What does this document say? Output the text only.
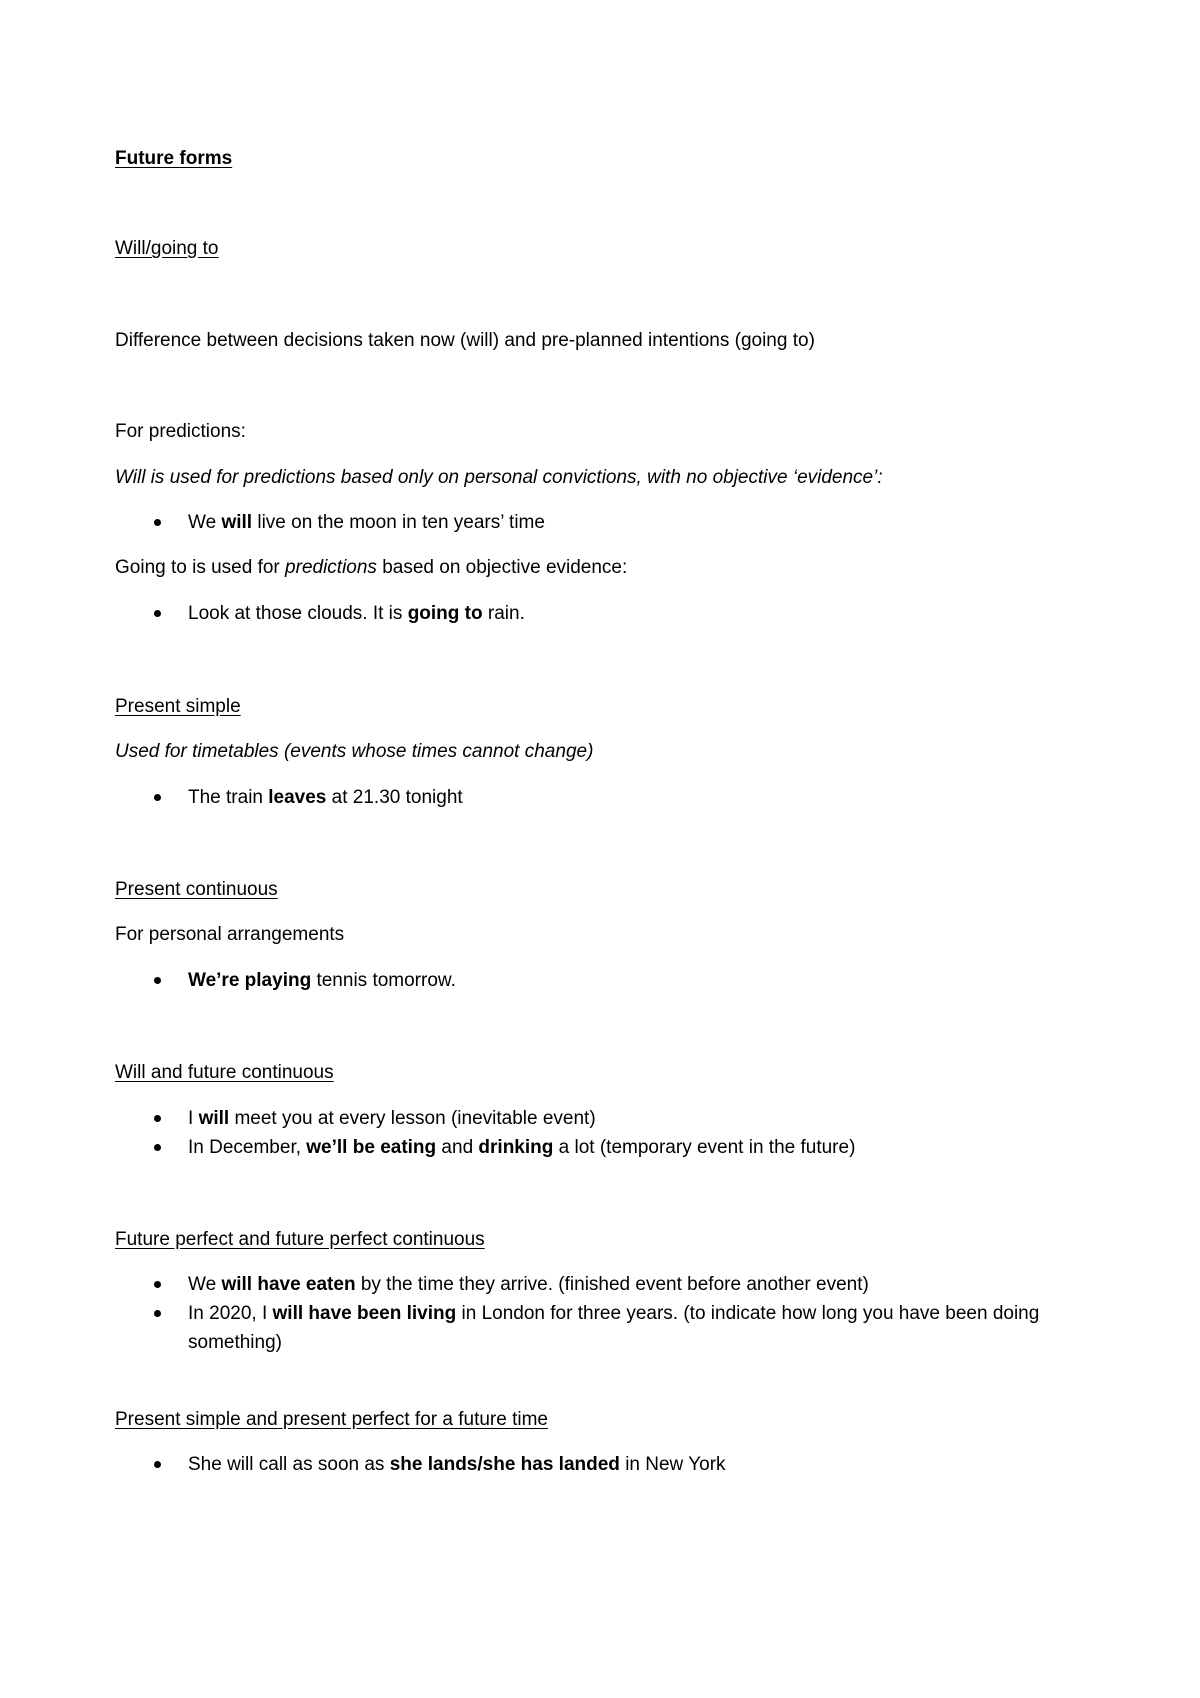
Future forms
Will/going to
Difference between decisions taken now (will) and pre-planned intentions (going to)
For predictions:
Will is used for predictions based only on personal convictions, with no objective ‘evidence’:
We will live on the moon in ten years’ time
Going to is used for predictions based on objective evidence:
Look at those clouds. It is going to rain.
Present simple
Used for timetables (events whose times cannot change)
The train leaves at 21.30 tonight
Present continuous
For personal arrangements
We’re playing tennis tomorrow.
Will and future continuous
I will meet you at every lesson (inevitable event)
In December, we’ll be eating and drinking a lot (temporary event in the future)
Future perfect and future perfect continuous
We will have eaten by the time they arrive. (finished event before another event)
In 2020, I will have been living in London for three years. (to indicate how long you have been doing something)
Present simple and present perfect for a future time
She will call as soon as she lands/she has landed in New York
